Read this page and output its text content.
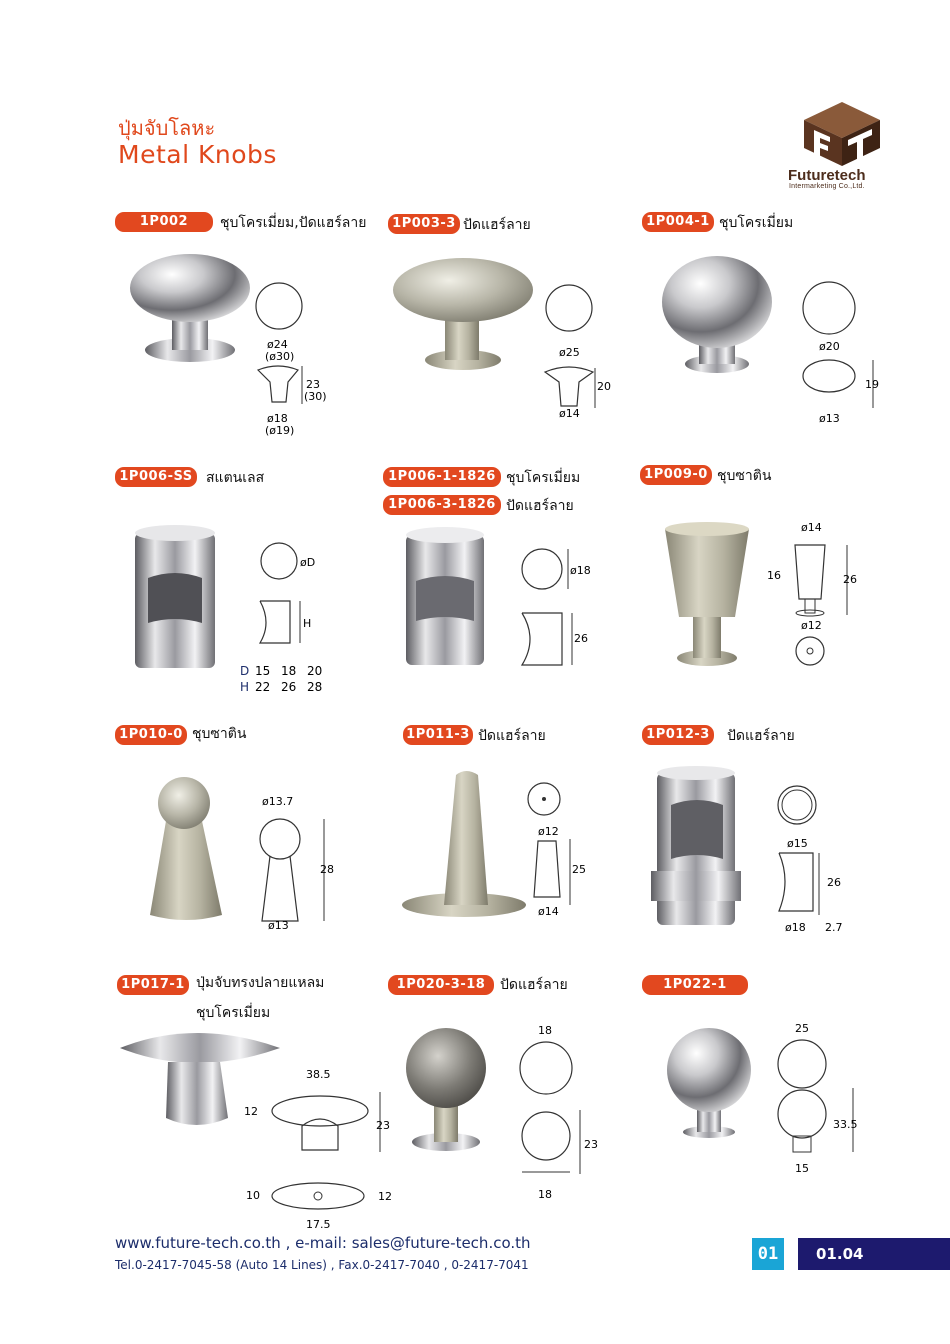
ปุ่มจับโลหะ
Metal Knobs
Futuretech
Intermarketing Co.,Ltd.
1P002	ชุบโครเมี่ยม,ปัดแฮร์ลาย
ø24
(ø30)
23
(30)
ø18
(ø19)
1P003-3 ปัดแฮร์ลาย
ø25
20
ø14
1P004-1 ชุบโครเมี่ยม
ø20
19
ø13
1P006-SS สแตนเลส
øD
H
D 15 18 20
H 22 26 28
1P006-1-1826 ชุบโครเมี่ยม
1P006-3-1826 ปัดแฮร์ลาย
ø18
26
1P009-0 ชุบซาติน
ø14
16	26
ø12
1P010-0 ชุบซาติน
ø13.7
28
ø13
1P011-3 ปัดแฮร์ลาย
ø12
25
ø14
1P012-3 ปัดแฮร์ลาย
ø15
26
ø18 2.7
1P017-1 ปุ่มจับทรงปลายแหลม
ชุบโครเมี่ยม
38.5
12
23
10	12
17.5
1P020-3-18	ปัดแฮร์ลาย
18
23
18
1P022-1
25
33.5
15
www.future-tech.co.th , e-mail: sales@future-tech.co.th
Tel.0-2417-7045-58 (Auto 14 Lines) , Fax.0-2417-7040 , 0-2417-7041
01	01.04
